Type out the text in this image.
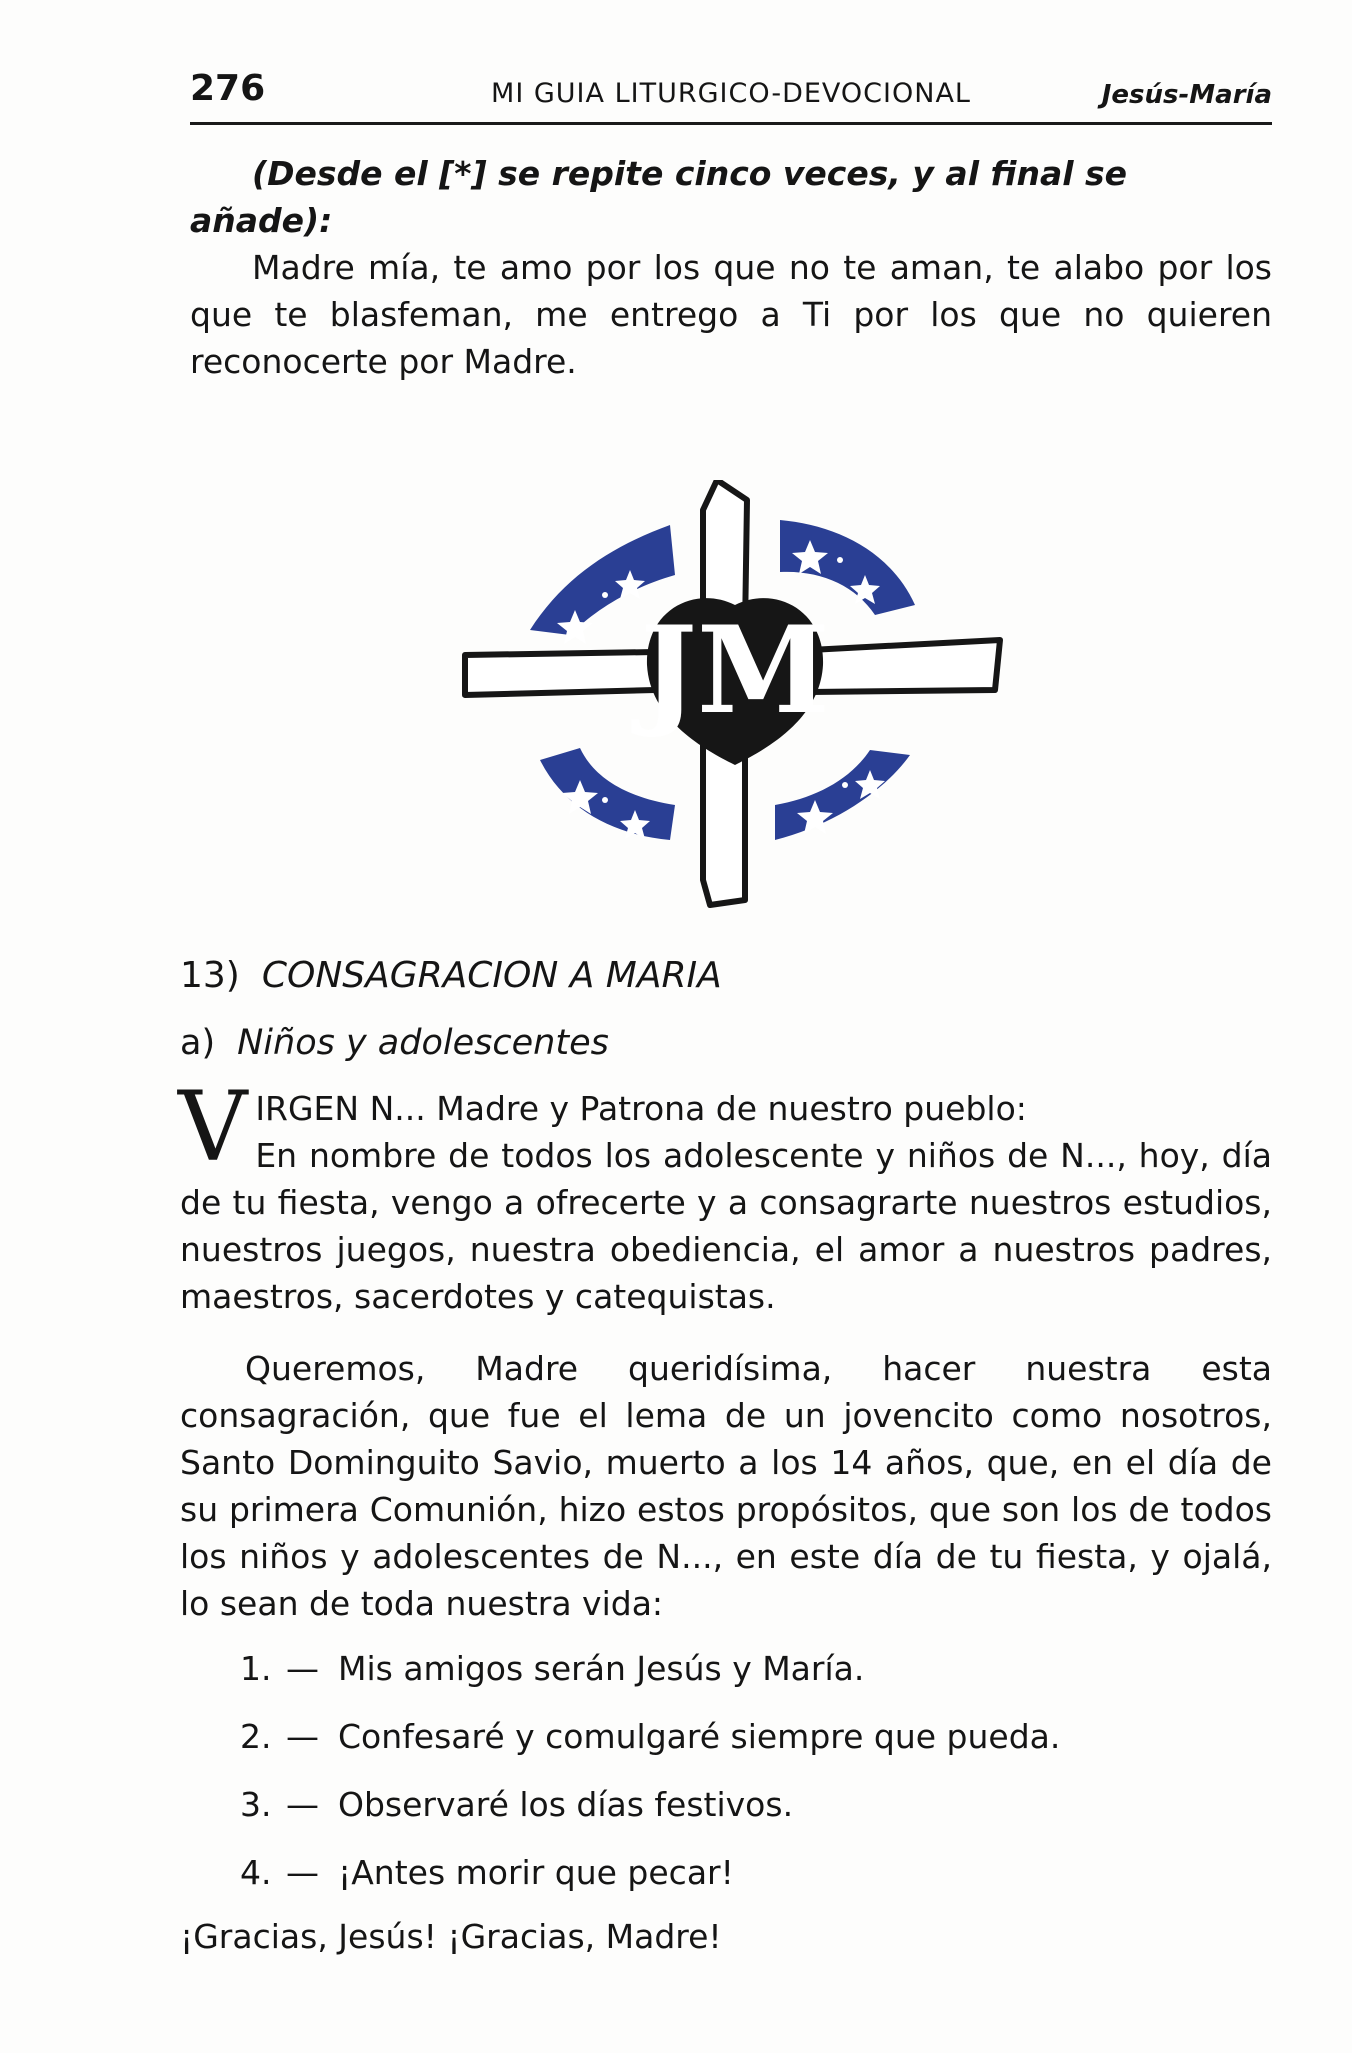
276	MI GUIA LITURGICO-DEVOCIONAL	Jesús-María
(Desde el [*] se repite cinco veces, y al final se añade):
Madre mía, te amo por los que no te aman, te alabo por los que te blasfeman, me entrego a Ti por los que no quieren reconocerte por Madre.
JM
13) CONSAGRACION A MARIA
a) Niños y adolescentes
VIRGEN N... Madre y Patrona de nuestro pueblo:
En nombre de todos los adolescente y niños de N..., hoy, día de tu fiesta, vengo a ofrecerte y a consagrarte nuestros estudios, nuestros juegos, nuestra obediencia, el amor a nuestros padres, maestros, sacerdotes y catequistas.
Queremos, Madre queridísima, hacer nuestra esta consagración, que fue el lema de un jovencito como nosotros, Santo Dominguito Savio, muerto a los 14 años, que, en el día de su primera Comunión, hizo estos propósitos, que son los de todos los niños y adolescentes de N..., en este día de tu fiesta, y ojalá, lo sean de toda nuestra vida:
1. — Mis amigos serán Jesús y María.
2. — Confesaré y comulgaré siempre que pueda.
3. — Observaré los días festivos.
4. — ¡Antes morir que pecar!
¡Gracias, Jesús! ¡Gracias, Madre!
